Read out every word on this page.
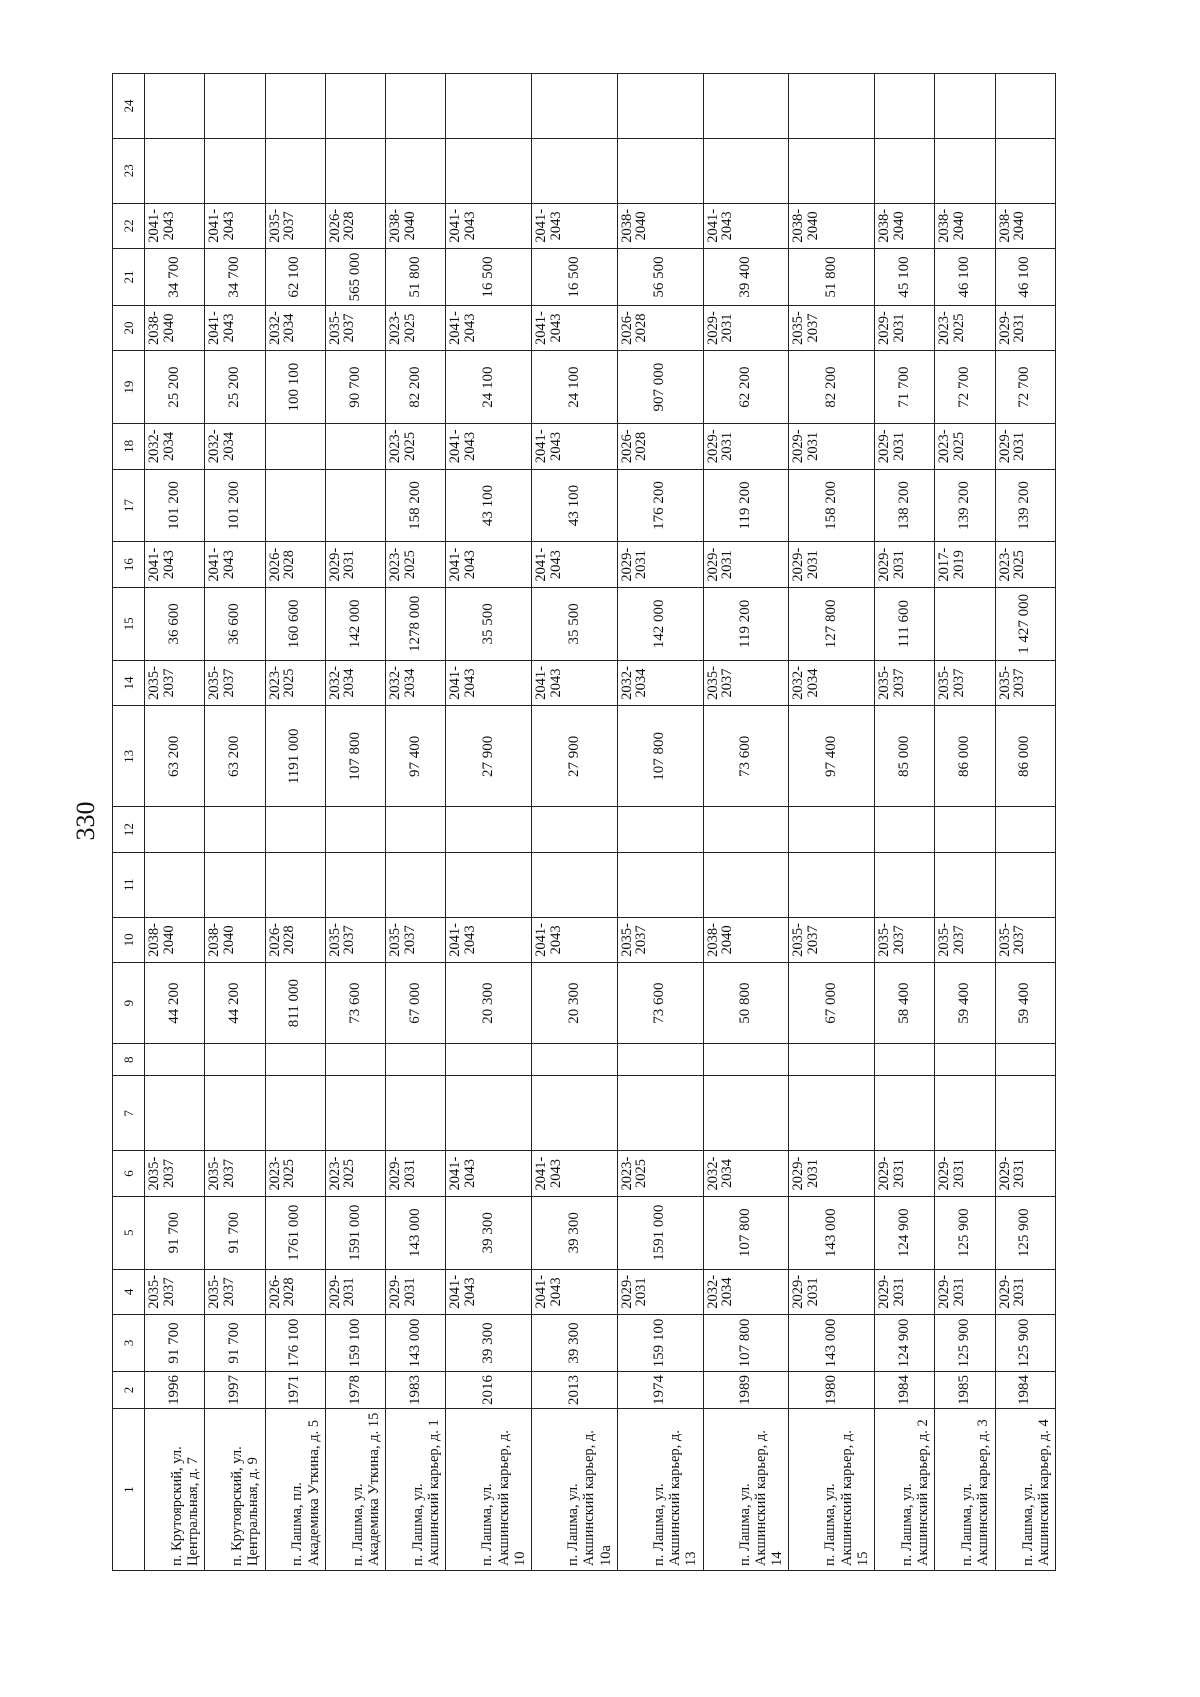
330
1	2	3	4	5	6	7	8	9	10	11	12	13	14	15	16	17	18	19	20	21	22	23	24
п. Крутоярский, ул. Центральная, д. 7	1996	91 700	2035-2037	91 700	2035-2037			44 200	2038-2040			63 200	2035-2037	36 600	2041-2043	101 200	2032-2034	25 200	2038-2040	34 700	2041-2043		
п. Крутоярский, ул. Центральная, д. 9	1997	91 700	2035-2037	91 700	2035-2037			44 200	2038-2040			63 200	2035-2037	36 600	2041-2043	101 200	2032-2034	25 200	2041-2043	34 700	2041-2043		
п. Лашма, пл. Академика Уткина, д. 5	1971	176 100	2026-2028	1761 000	2023-2025			811 000	2026-2028			1191 000	2023-2025	160 600	2026-2028			100 100	2032-2034	62 100	2035-2037		
п. Лашма, ул. Академика Уткина, д. 15	1978	159 100	2029-2031	1591 000	2023-2025			73 600	2035-2037			107 800	2032-2034	142 000	2029-2031			90 700	2035-2037	565 000	2026-2028		
п. Лашма, ул. Акшинский карьер, д. 1	1983	143 000	2029-2031	143 000	2029-2031			67 000	2035-2037			97 400	2032-2034	1278 000	2023-2025	158 200	2023-2025	82 200	2023-2025	51 800	2038-2040		
п. Лашма, ул. Акшинский карьер, д. 10	2016	39 300	2041-2043	39 300	2041-2043			20 300	2041-2043			27 900	2041-2043	35 500	2041-2043	43 100	2041-2043	24 100	2041-2043	16 500	2041-2043		
п. Лашма, ул. Акшинский карьер, д. 10а	2013	39 300	2041-2043	39 300	2041-2043			20 300	2041-2043			27 900	2041-2043	35 500	2041-2043	43 100	2041-2043	24 100	2041-2043	16 500	2041-2043		
п. Лашма, ул. Акшинский карьер, д. 13	1974	159 100	2029-2031	1591 000	2023-2025			73 600	2035-2037			107 800	2032-2034	142 000	2029-2031	176 200	2026-2028	907 000	2026-2028	56 500	2038-2040		
п. Лашма, ул. Акшинский карьер, д. 14	1989	107 800	2032-2034	107 800	2032-2034			50 800	2038-2040			73 600	2035-2037	119 200	2029-2031	119 200	2029-2031	62 200	2029-2031	39 400	2041-2043		
п. Лашма, ул. Акшинский карьер, д. 15	1980	143 000	2029-2031	143 000	2029-2031			67 000	2035-2037			97 400	2032-2034	127 800	2029-2031	158 200	2029-2031	82 200	2035-2037	51 800	2038-2040		
п. Лашма, ул. Акшинский карьер, д. 2	1984	124 900	2029-2031	124 900	2029-2031			58 400	2035-2037			85 000	2035-2037	111 600	2029-2031	138 200	2029-2031	71 700	2029-2031	45 100	2038-2040		
п. Лашма, ул. Акшинский карьер, д. 3	1985	125 900	2029-2031	125 900	2029-2031			59 400	2035-2037			86 000	2035-2037		2017-2019	139 200	2023-2025	72 700	2023-2025	46 100	2038-2040		
п. Лашма, ул. Акшинский карьер, д. 4	1984	125 900	2029-2031	125 900	2029-2031			59 400	2035-2037			86 000	2035-2037	1 427 000	2023-2025	139 200	2029-2031	72 700	2029-2031	46 100	2038-2040		
